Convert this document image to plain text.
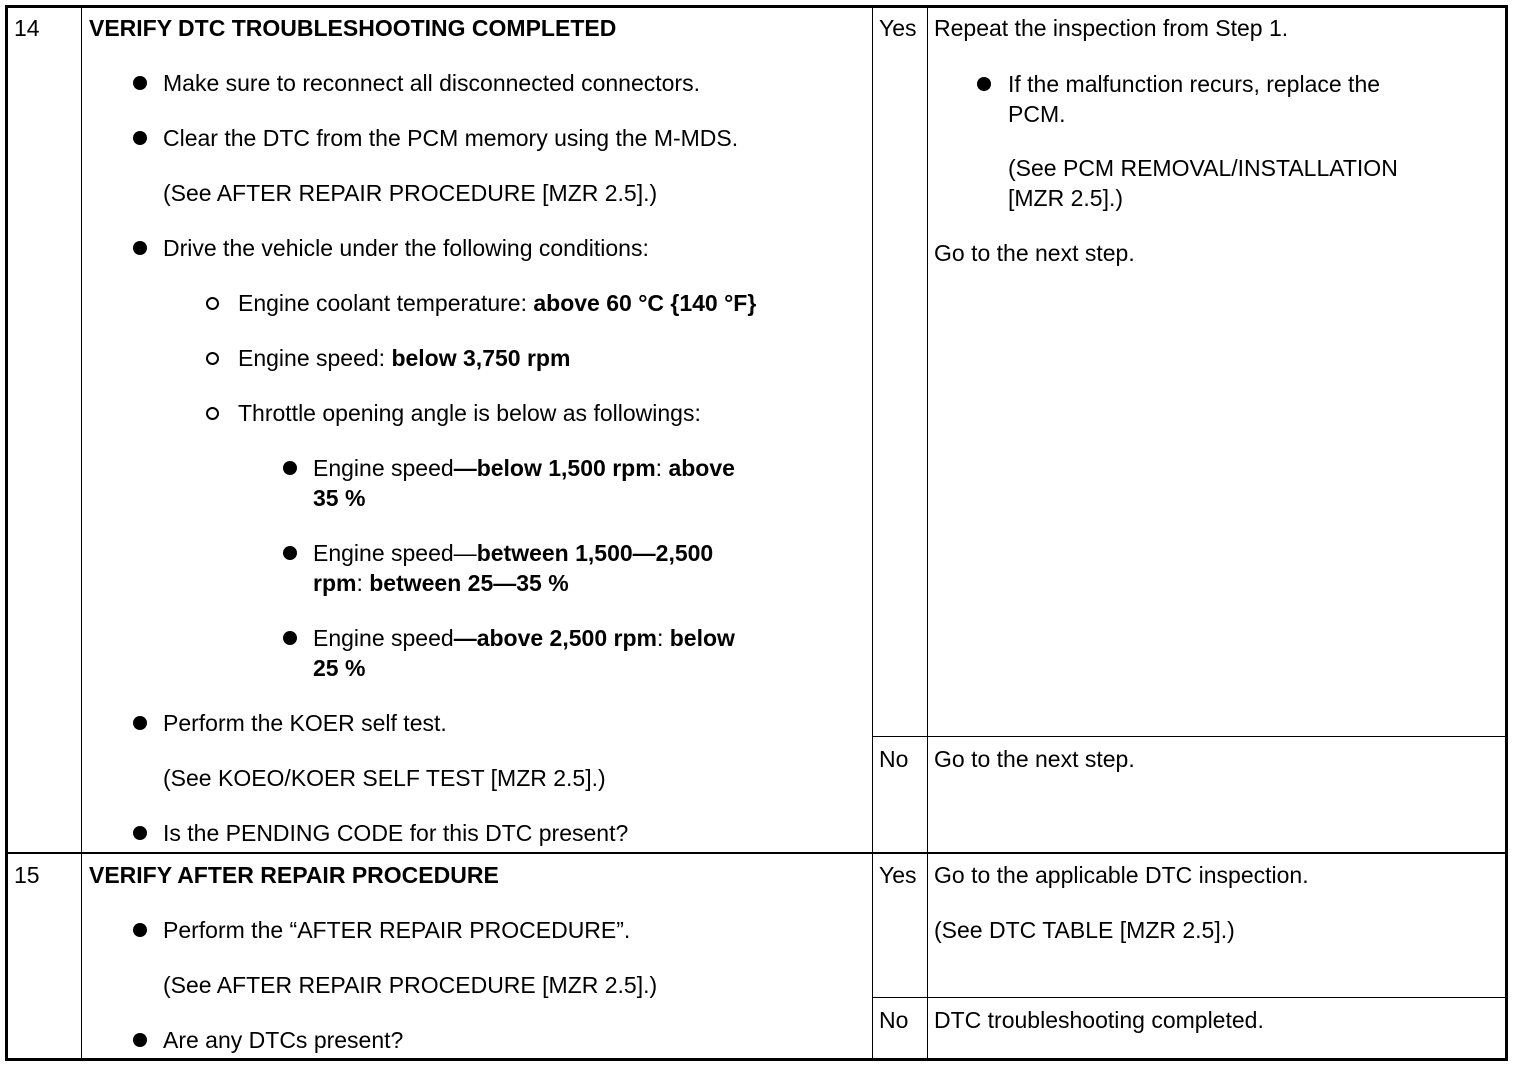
14 VERIFY DTC TROUBLESHOOTING COMPLETED
Make sure to reconnect all disconnected connectors.
Clear the DTC from the PCM memory using the M-MDS.
(See AFTER REPAIR PROCEDURE [MZR 2.5].)
Drive the vehicle under the following conditions:
Engine coolant temperature: above 60 °C {140 °F}
Engine speed: below 3,750 rpm
Throttle opening angle is below as followings:
Engine speed—below 1,500 rpm: above
35 %
Engine speed—between 1,500—2,500
rpm: between 25—35 %
Engine speed—above 2,500 rpm: below
25 %
Perform the KOER self test.
(See KOEO/KOER SELF TEST [MZR 2.5].)
Is the PENDING CODE for this DTC present?
Yes Repeat the inspection from Step 1.
If the malfunction recurs, replace the
PCM.
(See PCM REMOVAL/INSTALLATION
[MZR 2.5].)
Go to the next step.
No Go to the next step.
15 VERIFY AFTER REPAIR PROCEDURE
Perform the “AFTER REPAIR PROCEDURE”.
(See AFTER REPAIR PROCEDURE [MZR 2.5].)
Are any DTCs present?
Yes Go to the applicable DTC inspection.
(See DTC TABLE [MZR 2.5].)
No DTC troubleshooting completed.
